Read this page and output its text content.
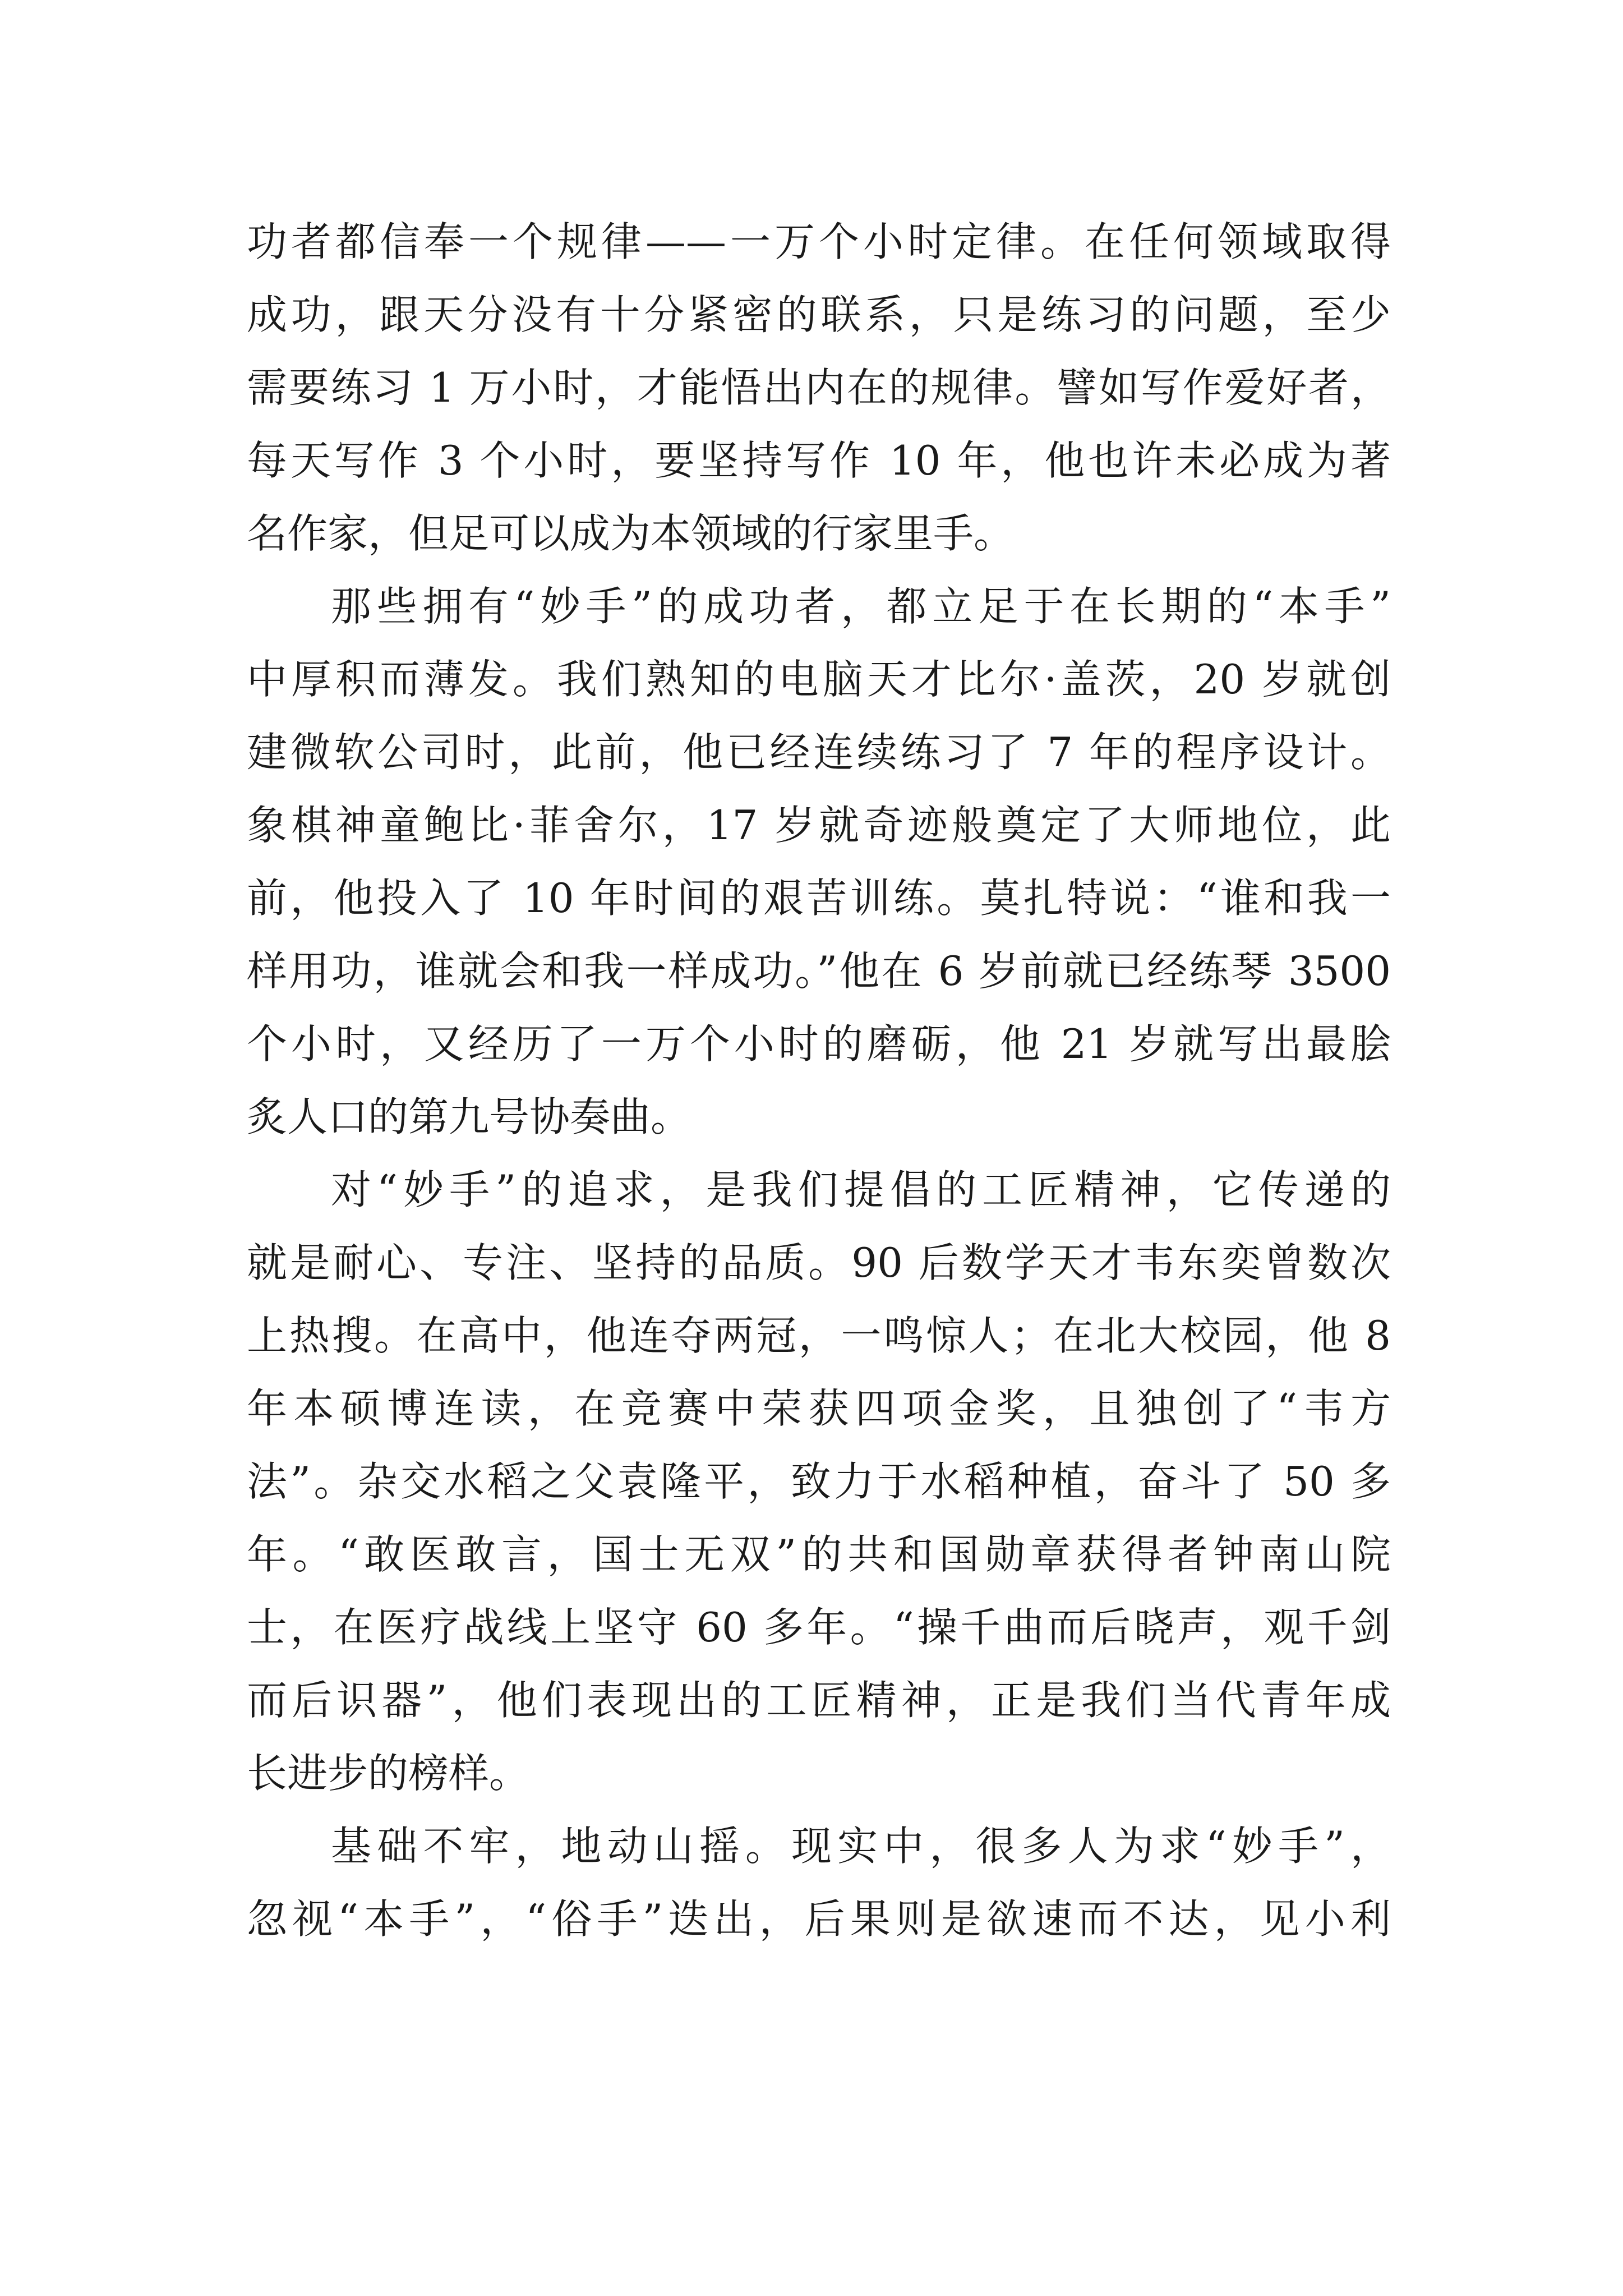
功者都信奉一个规律——一万个小时定律。在任何领域取得
成功，跟天分没有十分紧密的联系，只是练习的问题，至少
需要练习 1 万小时，才能悟出内在的规律。譬如写作爱好者，
每天写作 3 个小时，要坚持写作 10 年，他也许未必成为著
名作家，但足可以成为本领域的行家里手。
那些拥有“妙手”的成功者，都立足于在长期的“本手”
中厚积而薄发。我们熟知的电脑天才比尔·盖茨，20 岁就创
建微软公司时，此前，他已经连续练习了 7 年的程序设计。
象棋神童鲍比·菲舍尔，17 岁就奇迹般奠定了大师地位，此
前，他投入了 10 年时间的艰苦训练。莫扎特说：“谁和我一
样用功，谁就会和我一样成功。”他在 6 岁前就已经练琴 3500
个小时，又经历了一万个小时的磨砺，他 21 岁就写出最脍
炙人口的第九号协奏曲。
对“妙手”的追求，是我们提倡的工匠精神，它传递的
就是耐心、专注、坚持的品质。90 后数学天才韦东奕曾数次
上热搜。在高中，他连夺两冠，一鸣惊人；在北大校园，他 8
年本硕博连读，在竞赛中荣获四项金奖，且独创了“韦方
法”。杂交水稻之父袁隆平，致力于水稻种植，奋斗了 50 多
年。“敢医敢言，国士无双”的共和国勋章获得者钟南山院
士，在医疗战线上坚守 60 多年。“操千曲而后晓声，观千剑
而后识器”，他们表现出的工匠精神，正是我们当代青年成
长进步的榜样。
基础不牢，地动山摇。现实中，很多人为求“妙手”，
忽视“本手”，“俗手”迭出，后果则是欲速而不达，见小利
